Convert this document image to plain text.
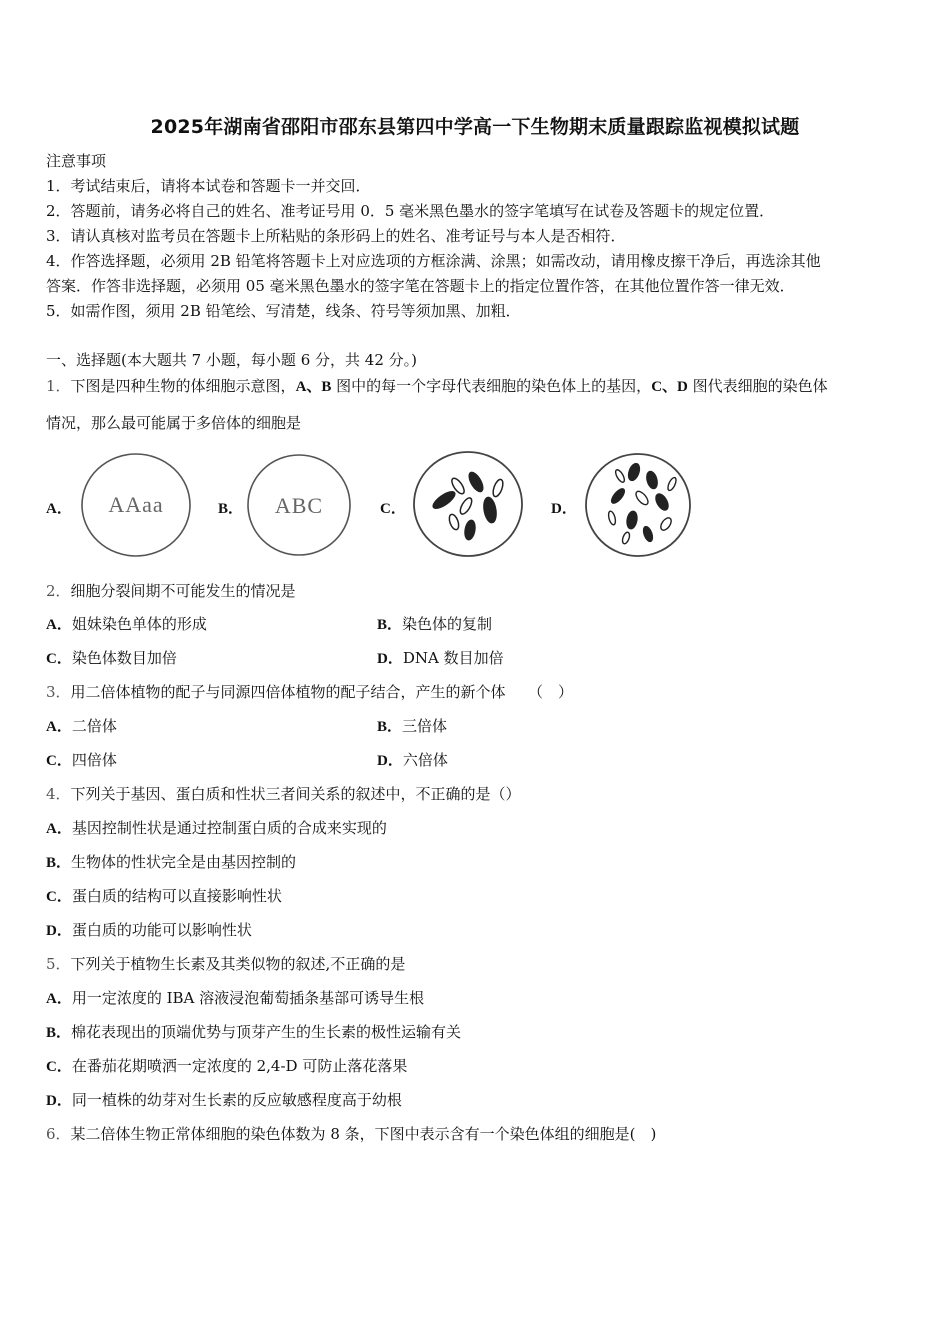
2025年湖南省邵阳市邵东县第四中学高一下生物期末质量跟踪监视模拟试题
注意事项
1．考试结束后，请将本试卷和答题卡一并交回．
2．答题前，请务必将自己的姓名、准考证号用 0．5 毫米黑色墨水的签字笔填写在试卷及答题卡的规定位置．
3．请认真核对监考员在答题卡上所粘贴的条形码上的姓名、准考证号与本人是否相符．
4．作答选择题，必须用 2B 铅笔将答题卡上对应选项的方框涂满、涂黑；如需改动，请用橡皮擦干净后，再选涂其他
答案．作答非选择题，必须用 05 毫米黑色墨水的签字笔在答题卡上的指定位置作答，在其他位置作答一律无效．
5．如需作图，须用 2B 铅笔绘、写清楚，线条、符号等须加黑、加粗．
一、选择题(本大题共 7 小题，每小题 6 分，共 42 分。)
1．下图是四种生物的体细胞示意图，A、B 图中的每一个字母代表细胞的染色体上的基因，C、D 图代表细胞的染色体
情况，那么最可能属于多倍体的细胞是
A．	B．	C．	D．
AAaa	ABC
2．细胞分裂间期不可能发生的情况是
A．姐妹染色单体的形成	B．染色体的复制
C．染色体数目加倍	D．DNA 数目加倍
3．用二倍体植物的配子与同源四倍体植物的配子结合，产生的新个体　　（　）
A．二倍体	B．三倍体
C．四倍体	D．六倍体
4．下列关于基因、蛋白质和性状三者间关系的叙述中，不正确的是（）
A．基因控制性状是通过控制蛋白质的合成来实现的
B．生物体的性状完全是由基因控制的
C．蛋白质的结构可以直接影响性状
D．蛋白质的功能可以影响性状
5．下列关于植物生长素及其类似物的叙述,不正确的是
A．用一定浓度的 IBA 溶液浸泡葡萄插条基部可诱导生根
B．棉花表现出的顶端优势与顶芽产生的生长素的极性运输有关
C．在番茄花期喷洒一定浓度的 2,4-D 可防止落花落果
D．同一植株的幼芽对生长素的反应敏感程度高于幼根
6．某二倍体生物正常体细胞的染色体数为 8 条，下图中表示含有一个染色体组的细胞是(　)
